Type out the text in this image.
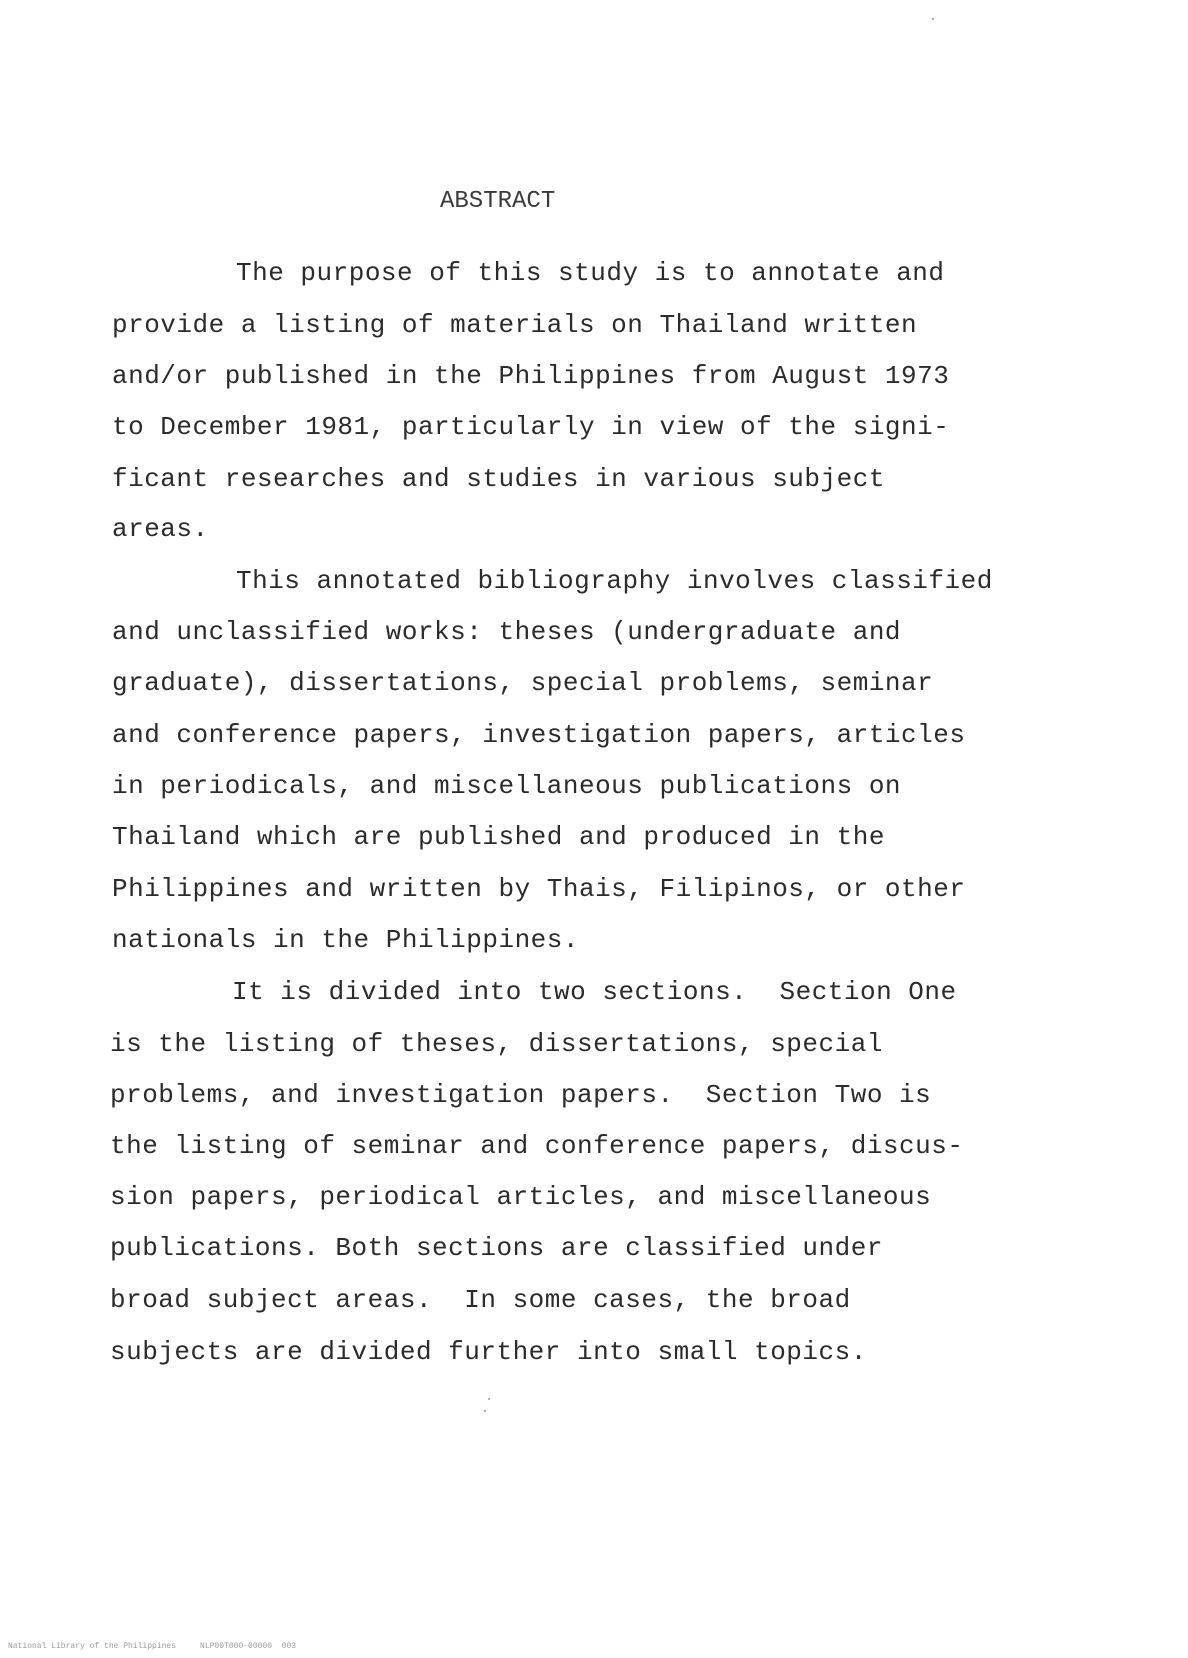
ABSTRACT
The purpose of this study is to annotate and
provide a listing of materials on Thailand written
and/or published in the Philippines from August 1973
to December 1981, particularly in view of the signi-
ficant researches and studies in various subject
areas.
This annotated bibliography involves classified
and unclassified works: theses (undergraduate and
graduate), dissertations, special problems, seminar
and conference papers, investigation papers, articles
in periodicals, and miscellaneous publications on
Thailand which are published and produced in the
Philippines and written by Thais, Filipinos, or other
nationals in the Philippines.
It is divided into two sections.  Section One
is the listing of theses, dissertations, special
problems, and investigation papers.  Section Two is
the listing of seminar and conference papers, discus-
sion papers, periodical articles, and miscellaneous
publications. Both sections are classified under
broad subject areas.  In some cases, the broad
subjects are divided further into small topics.
National Library of the Philippines     NLP00T000-00000  003
